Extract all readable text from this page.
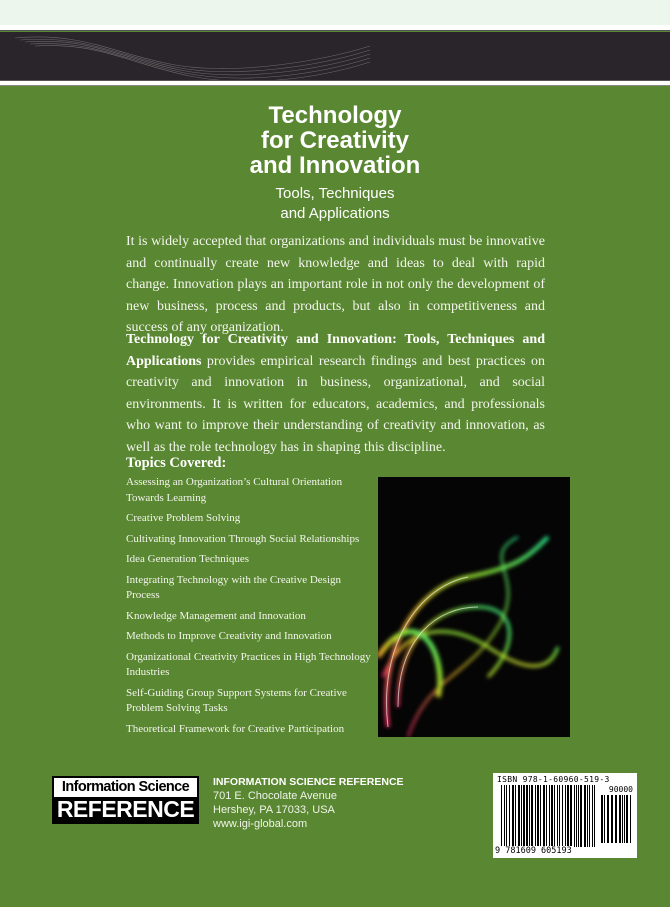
Technology
for Creativity
and Innovation
Tools, Techniques
and Applications

It is widely accepted that organizations and individuals must be innovative and continually create new knowledge and ideas to deal with rapid change. Innovation plays an important role in not only the development of new business, process and products, but also in competitiveness and success of any organization.

Technology for Creativity and Innovation: Tools, Techniques and Applications provides empirical research findings and best practices on creativity and innovation in business, organizational, and social environments. It is written for educators, academics, and professionals who want to improve their understanding of creativity and innovation, as well as the role technology has in shaping this discipline.

Topics Covered:
Assessing an Organization’s Cultural Orientation Towards Learning
Creative Problem Solving
Cultivating Innovation Through Social Relationships
Idea Generation Techniques
Integrating Technology with the Creative Design Process
Knowledge Management and Innovation
Methods to Improve Creativity and Innovation
Organizational Creativity Practices in High Technology Industries
Self-Guiding Group Support Systems for Creative Problem Solving Tasks
Theoretical Framework for Creative Participation
Information Science
REFERENCE
INFORMATION SCIENCE REFERENCE
701 E. Chocolate Avenue
Hershey, PA 17033, USA
www.igi-global.com
ISBN 978-1-60960-519-3
90000
9 781609 605193
